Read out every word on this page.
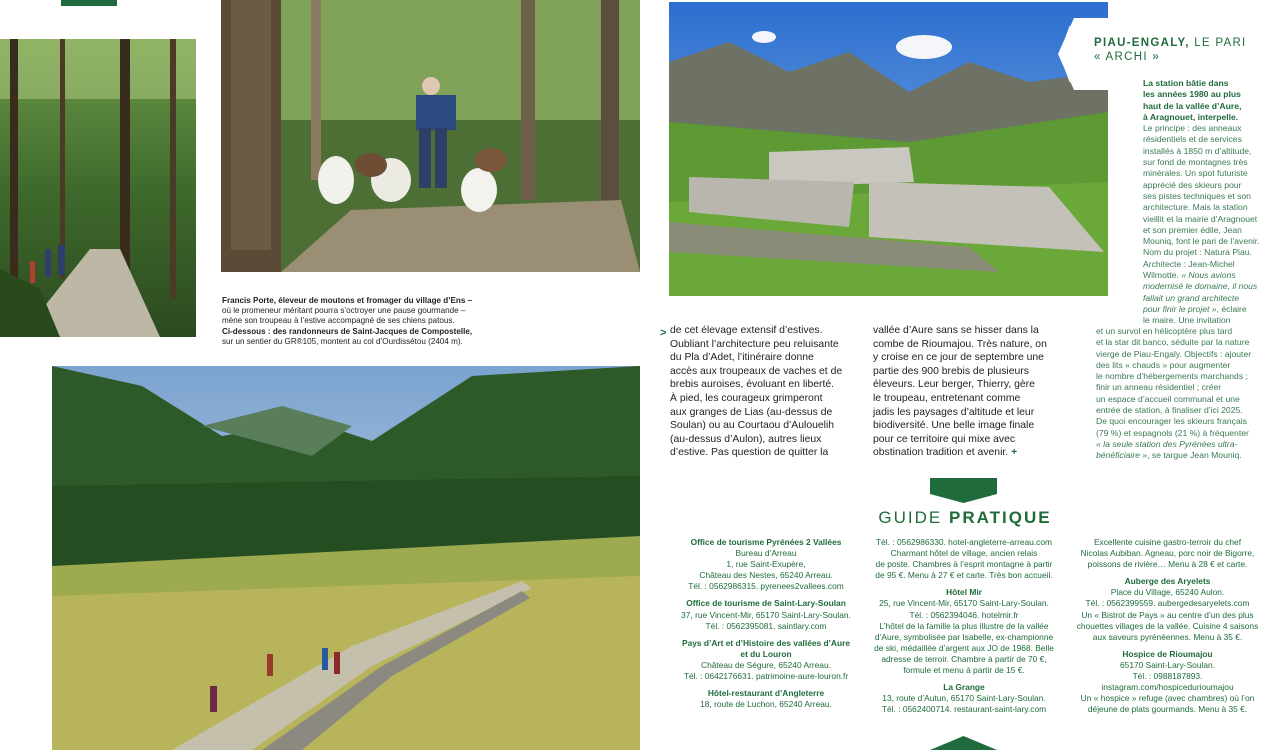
Francis Porte, éleveur de moutons et fromager du village d’Ens –
où le promeneur méritant pourra s’octroyer une pause gourmande –
mène son troupeau à l’estive accompagné de ses chiens patous.
Ci-dessous : des randonneurs de Saint-Jacques de Compostelle,
sur un sentier du GR®105, montent au col d’Ourdissétou (2404 m).
> de cet élevage extensif d’estives.
Oubliant l’architecture peu reluisante
du Pla d’Adet, l’itinéraire donne
accès aux troupeaux de vaches et de
brebis auroises, évoluant en liberté.
À pied, les courageux grimperont
aux granges de Lias (au-dessus de
Soulan) ou au Courtaou d’Aulouelih
(au-dessus d’Aulon), autres lieux
d’estive. Pas question de quitter la
vallée d’Aure sans se hisser dans la
combe de Rioumajou. Très nature, on
y croise en ce jour de septembre une
partie des 900 brebis de plusieurs
éleveurs. Leur berger, Thierry, gère
le troupeau, entretenant comme
jadis les paysages d’altitude et leur
biodiversité. Une belle image finale
pour ce territoire qui mixe avec
obstination tradition et avenir. +
PIAU-ENGALY, LE PARI
« ARCHI »
La station bâtie dans
les années 1980 au plus
haut de la vallée d’Aure,
à Aragnouet, interpelle.
Le principe : des anneaux
résidentiels et de services
installés à 1850 m d’altitude,
sur fond de montagnes très
minérales. Un spot futuriste
apprécié des skieurs pour
ses pistes techniques et son
architecture. Mais la station
vieillit et la mairie d’Aragnouet
et son premier édile, Jean
Mouniq, font le pari de l’avenir.
Nom du projet : Natura Piau.
Architecte : Jean-Michel
Wilmotte. « Nous avions
modernisé le domaine, il nous
fallait un grand architecte
pour finir le projet », éclaire
le maire. Une invitation
et un survol en hélicoptère plus tard
et la star dit banco, séduite par la nature
vierge de Piau-Engaly. Objectifs : ajouter
des lits « chauds » pour augmenter
le nombre d’hébergements marchands ;
finir un anneau résidentiel ; créer
un espace d’accueil communal et une
entrée de station, à finaliser d’ici 2025.
De quoi encourager les skieurs français
(79 %) et espagnols (21 %) à fréquenter
« la seule station des Pyrénées ultra-
bénéficiaire », se targue Jean Mouniq.
GUIDE PRATIQUE
Office de tourisme Pyrénées 2 Vallées
Bureau d’Arreau
1, rue Saint-Exupère,
Château des Nestes, 65240 Arreau.
Tél. : 0562986315. pyrenees2vallees.com
Office de tourisme de Saint-Lary-Soulan
37, rue Vincent-Mir, 65170 Saint-Lary-Soulan.
Tél. : 0562395081. saintlary.com
Pays d’Art et d’Histoire des vallées d’Aure
et du Louron
Château de Ségure, 65240 Arreau.
Tél. : 0642176631. patrimoine-aure-louron.fr
Hôtel-restaurant d’Angleterre
18, route de Luchon, 65240 Arreau.
Tél. : 0562986330. hotel-angleterre-arreau.com
Charmant hôtel de village, ancien relais
de poste. Chambres à l’esprit montagne à partir
de 95 €. Menu à 27 € et carte. Très bon accueil.
Hôtel Mir
25, rue Vincent-Mir, 65170 Saint-Lary-Soulan.
Tél. : 0562394046. hotelmir.fr
L’hôtel de la famille la plus illustre de la vallée
d’Aure, symbolisée par Isabelle, ex-championne
de ski, médaillée d’argent aux JO de 1968. Belle
adresse de terroir. Chambre à partir de 70 €,
formule et menu à partir de 15 €.
La Grange
13, route d’Autun, 65170 Saint-Lary-Soulan.
Tél. : 0562400714. restaurant-saint-lary.com
Excellente cuisine gastro-terroir du chef
Nicolas Aubiban. Agneau, porc noir de Bigorre,
poissons de rivière… Menu à 28 € et carte.
Auberge des Aryelets
Place du Village, 65240 Aulon.
Tél. : 0562399559. aubergedesaryelets.com
Un « Bistrot de Pays » au centre d’un des plus
chouettes villages de la vallée. Cuisine 4 saisons
aux saveurs pyrénéennes. Menu à 35 €.
Hospice de Rioumajou
65170 Saint-Lary-Soulan.
Tél. : 0988187893.
instagram.com/hospicedurioumajou
Un « hospice » refuge (avec chambres) où l’on
déjeune de plats gourmands. Menu à 35 €.
